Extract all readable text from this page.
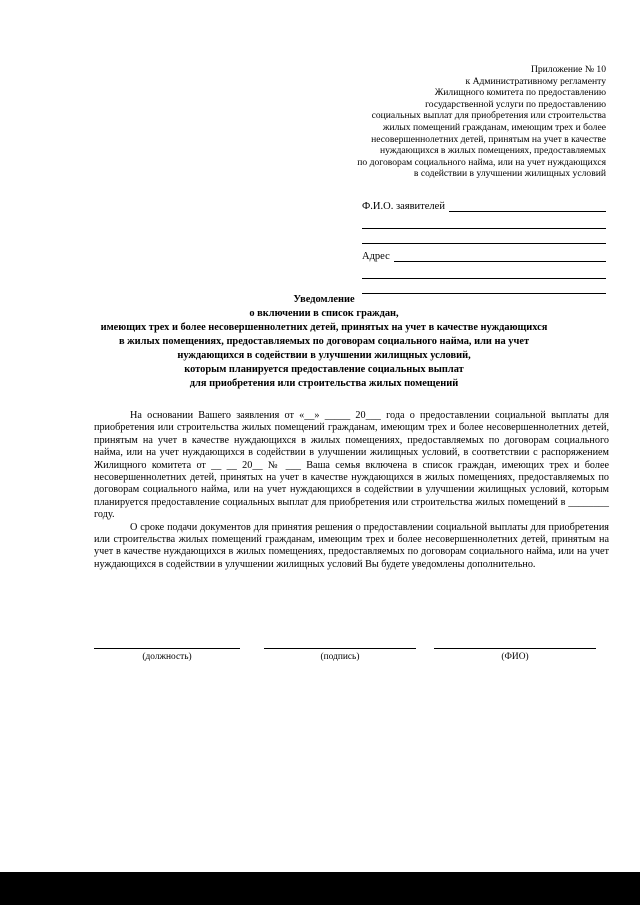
Приложение № 10
к Административному регламенту
Жилищного комитета по предоставлению
государственной услуги по предоставлению
социальных выплат для приобретения или строительства
жилых помещений гражданам, имеющим трех и более
несовершеннолетних детей, принятым на учет в качестве
нуждающихся в жилых помещениях, предоставляемых
по договорам социального найма, или на учет нуждающихся
в содействии в улучшении жилищных условий
Ф.И.О. заявителей
Адрес
Уведомление
о включении в список граждан,
имеющих трех и более несовершеннолетних детей, принятых на учет в качестве нуждающихся
в жилых помещениях, предоставляемых по договорам социального найма, или на учет
нуждающихся в содействии в улучшении жилищных условий,
которым планируется предоставление социальных выплат
для приобретения или строительства жилых помещений

На основании Вашего заявления от «__» _____ 20___ года о предоставлении социальной выплаты для приобретения или строительства жилых помещений гражданам, имеющим трех и более несовершеннолетних детей, принятым на учет в качестве нуждающихся в жилых помещениях, предоставляемых по договорам социального найма, или на учет нуждающихся в содействии в улучшении жилищных условий, в соответствии с распоряжением Жилищного комитета от __ __ 20__ № ___ Ваша семья включена в список граждан, имеющих трех и более несовершеннолетних детей, принятых на учет в качестве нуждающихся в жилых помещениях, предоставляемых по договорам социального найма, или на учет нуждающихся в содействии в улучшении жилищных условий, которым планируется предоставление социальных выплат для приобретения или строительства жилых помещений в ________ году.

О сроке подачи документов для принятия решения о предоставлении социальной выплаты для приобретения или строительства жилых помещений гражданам, имеющим трех и более несовершеннолетних детей, принятым на учет в качестве нуждающихся в жилых помещениях, предоставляемых по договорам социального найма, или на учет нуждающихся в содействии в улучшении жилищных условий Вы будете уведомлены дополнительно.

(должность)	(подпись)	(ФИО)
